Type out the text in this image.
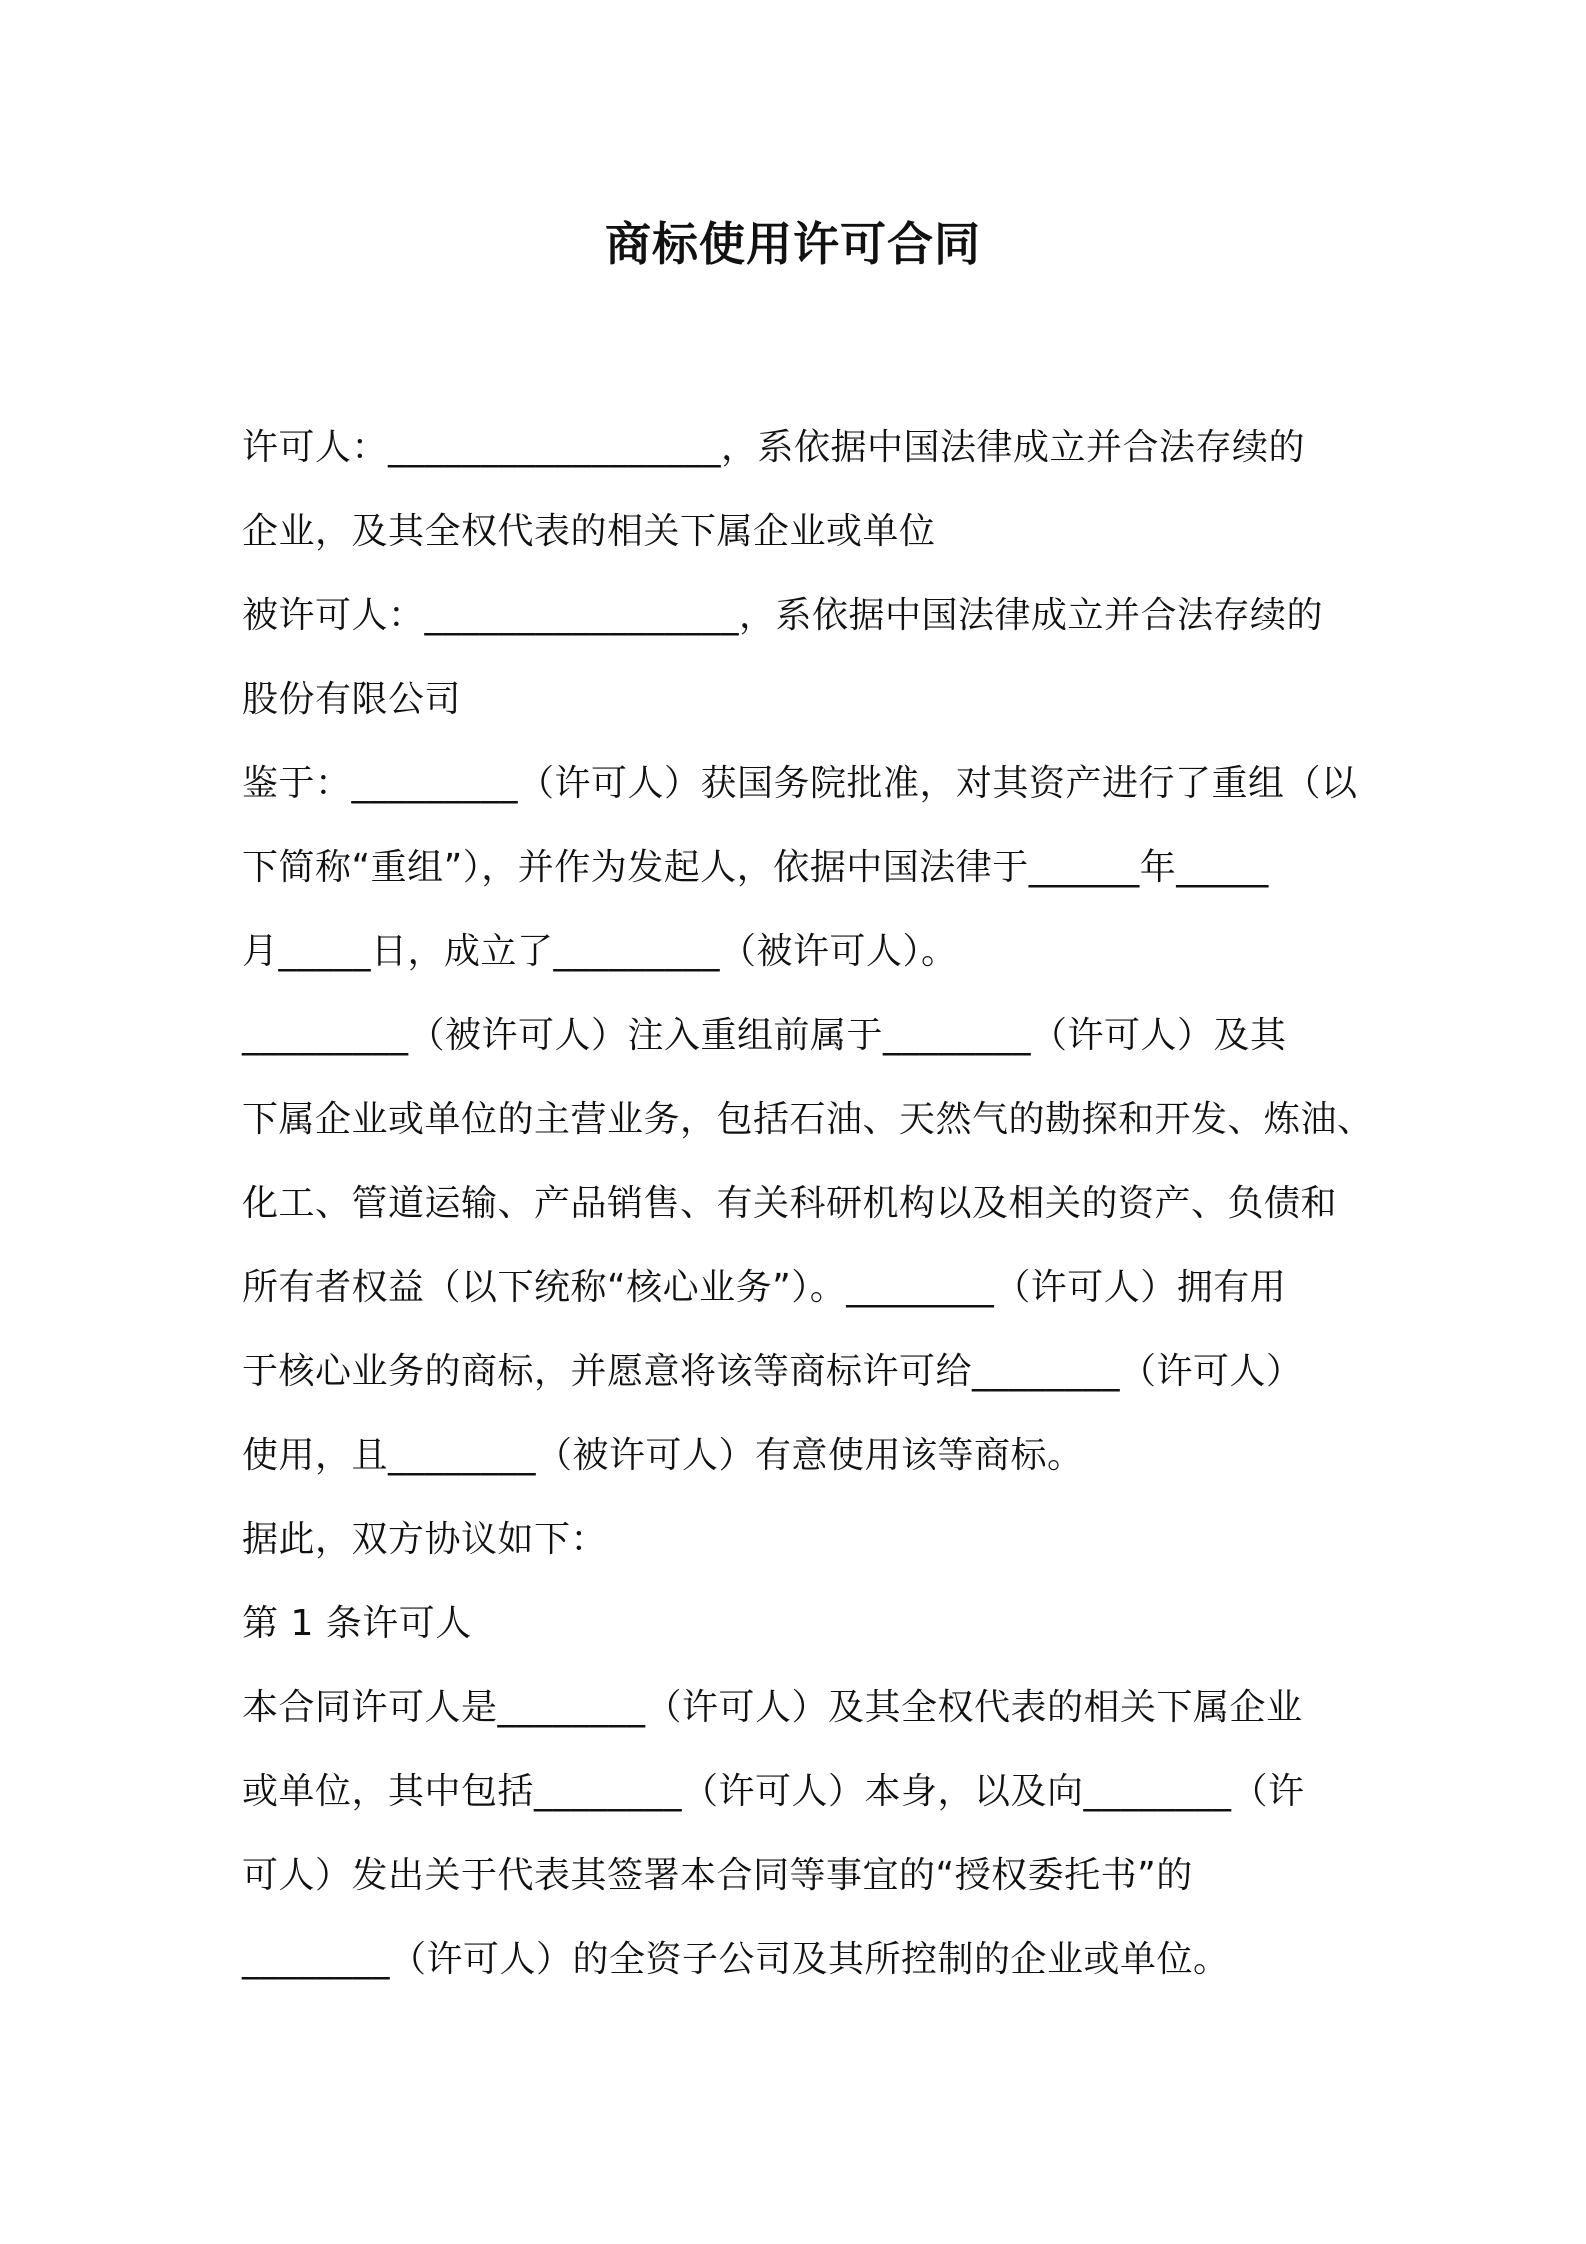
商标使用许可合同
许可人：__________________，系依据中国法律成立并合法存续的
企业，及其全权代表的相关下属企业或单位
被许可人：_________________，系依据中国法律成立并合法存续的
股份有限公司
鉴于：_________（许可人）获国务院批准，对其资产进行了重组（以
下简称“重组”），并作为发起人，依据中国法律于______年_____
月_____日，成立了_________（被许可人）。
_________（被许可人）注入重组前属于________（许可人）及其
下属企业或单位的主营业务，包括石油、天然气的勘探和开发、炼油、
化工、管道运输、产品销售、有关科研机构以及相关的资产、负债和
所有者权益（以下统称“核心业务”）。________（许可人）拥有用
于核心业务的商标，并愿意将该等商标许可给________（许可人）
使用，且________（被许可人）有意使用该等商标。
据此，双方协议如下：
第 1 条许可人
本合同许可人是________（许可人）及其全权代表的相关下属企业
或单位，其中包括________（许可人）本身，以及向________（许
可人）发出关于代表其签署本合同等事宜的“授权委托书”的
________（许可人）的全资子公司及其所控制的企业或单位。
